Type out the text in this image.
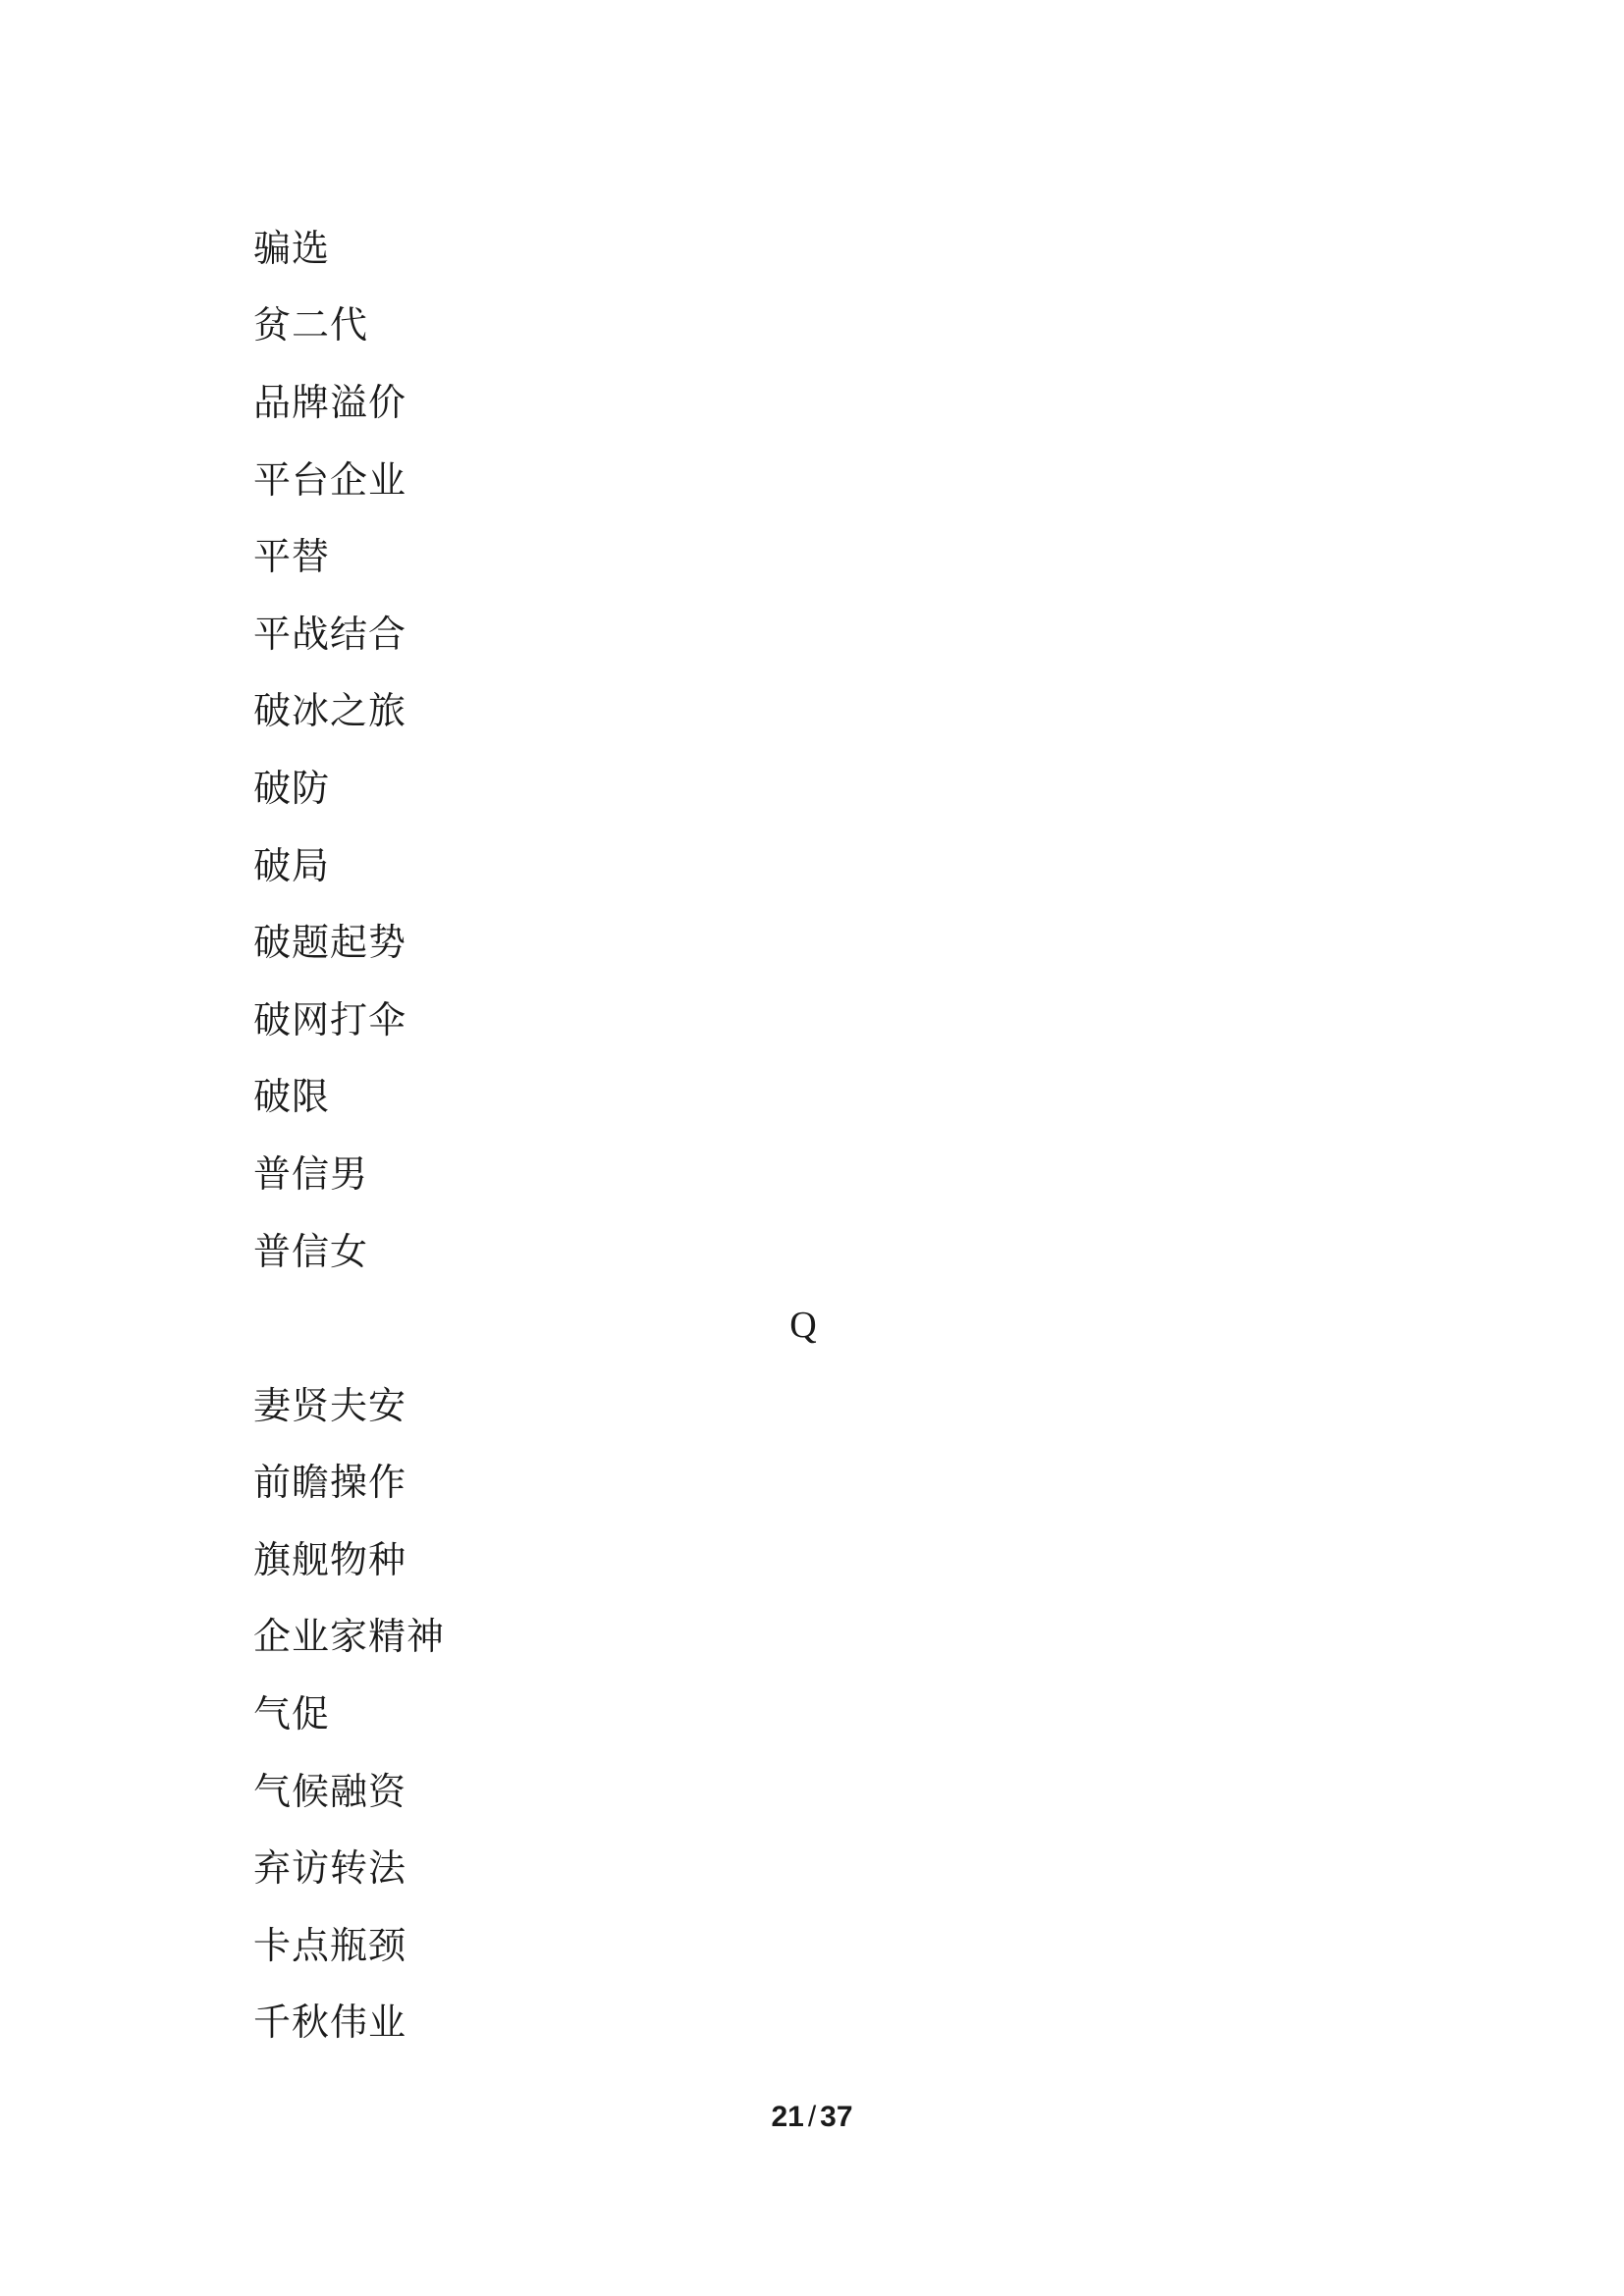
骗选
贫二代
品牌溢价
平台企业
平替
平战结合
破冰之旅
破防
破局
破题起势
破网打伞
破限
普信男
普信女
Q
妻贤夫安
前瞻操作
旗舰物种
企业家精神
气促
气候融资
弃访转法
卡点瓶颈
千秋伟业
21 / 37
